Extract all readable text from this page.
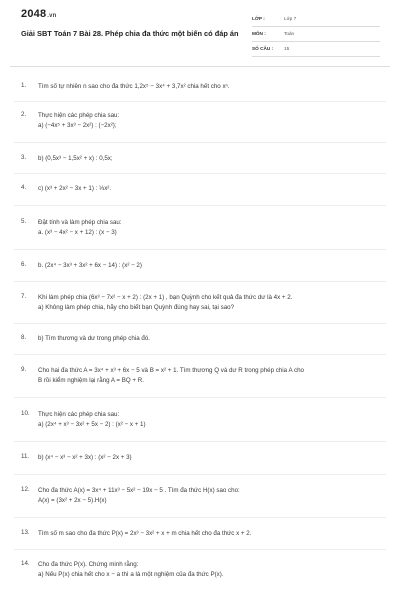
2048.vn
Giải SBT Toán 7 Bài 28. Phép chia đa thức một biến có đáp án
LỚP :	Lớp 7
MÔN :	Toán
SỐ CÂU : 15
1. Tìm số tự nhiên n sao cho đa thức 1,2x⁵ − 3x⁴ + 3,7x² chia hết cho xⁿ.
2. Thực hiện các phép chia sau:
a) (−4x⁵ + 3x³ − 2x²) : (−2x²);
3. b) (0,5x³ − 1,5x² + x) : 0,5x;
4. c) (x³ + 2x² − 3x + 1) : ⅓x².
5. Đặt tính và làm phép chia sau:
a. (x³ − 4x² − x + 12) : (x − 3)
6. b. (2x⁴ − 3x³ + 3x² + 6x − 14) : (x² − 2)
7. Khi làm phép chia (6x³ − 7x² − x + 2) : (2x + 1) , bạn Quỳnh cho kết quả đa thức dư là 4x + 2.
a) Không làm phép chia, hãy cho biết bạn Quỳnh đúng hay sai, tại sao?
8. b) Tìm thương và dư trong phép chia đó.
9. Cho hai đa thức A = 3x⁴ + x³ + 6x − 5 và B = x² + 1. Tìm thương Q và dư R trong phép chia A cho
B rồi kiểm nghiệm lại rằng A = BQ + R.
10. Thực hiện các phép chia sau:
a) (2x⁴ + x³ − 3x² + 5x − 2) : (x² − x + 1)
11. b) (x⁴ − x³ − x² + 3x) : (x² − 2x + 3)
12. Cho đa thức A(x) = 3x⁴ + 11x³ − 5x² − 19x − 5 . Tìm đa thức H(x) sao cho:
A(x) = (3x² + 2x − 5).H(x)
13. Tìm số m sao cho đa thức P(x) = 2x³ − 3x² + x + m chia hết cho đa thức x + 2.
14. Cho đa thức P(x). Chứng minh rằng:
a) Nếu P(x) chia hết cho x − a thì a là một nghiệm của đa thức P(x).
